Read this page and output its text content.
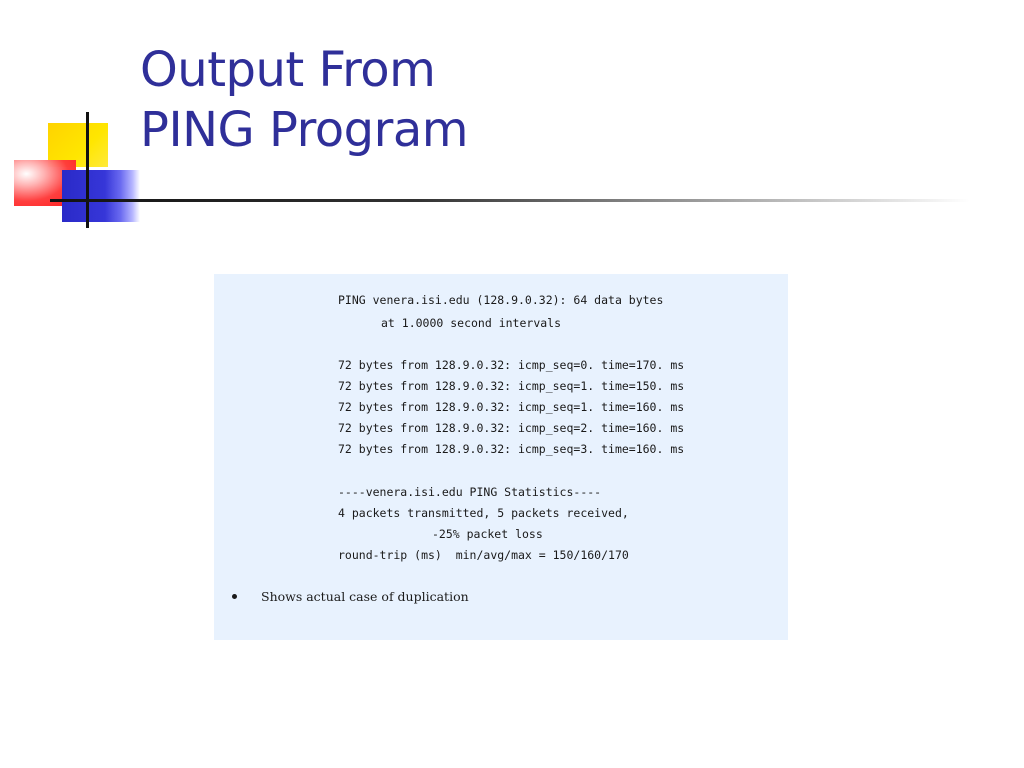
Output From
PING Program
PING venera.isi.edu (128.9.0.32): 64 data bytes
at 1.0000 second intervals
72 bytes from 128.9.0.32: icmp_seq=0. time=170. ms
72 bytes from 128.9.0.32: icmp_seq=1. time=150. ms
72 bytes from 128.9.0.32: icmp_seq=1. time=160. ms
72 bytes from 128.9.0.32: icmp_seq=2. time=160. ms
72 bytes from 128.9.0.32: icmp_seq=3. time=160. ms
----venera.isi.edu PING Statistics----
4 packets transmitted, 5 packets received,
-25% packet loss
round-trip (ms)  min/avg/max = 150/160/170
Shows actual case of duplication
